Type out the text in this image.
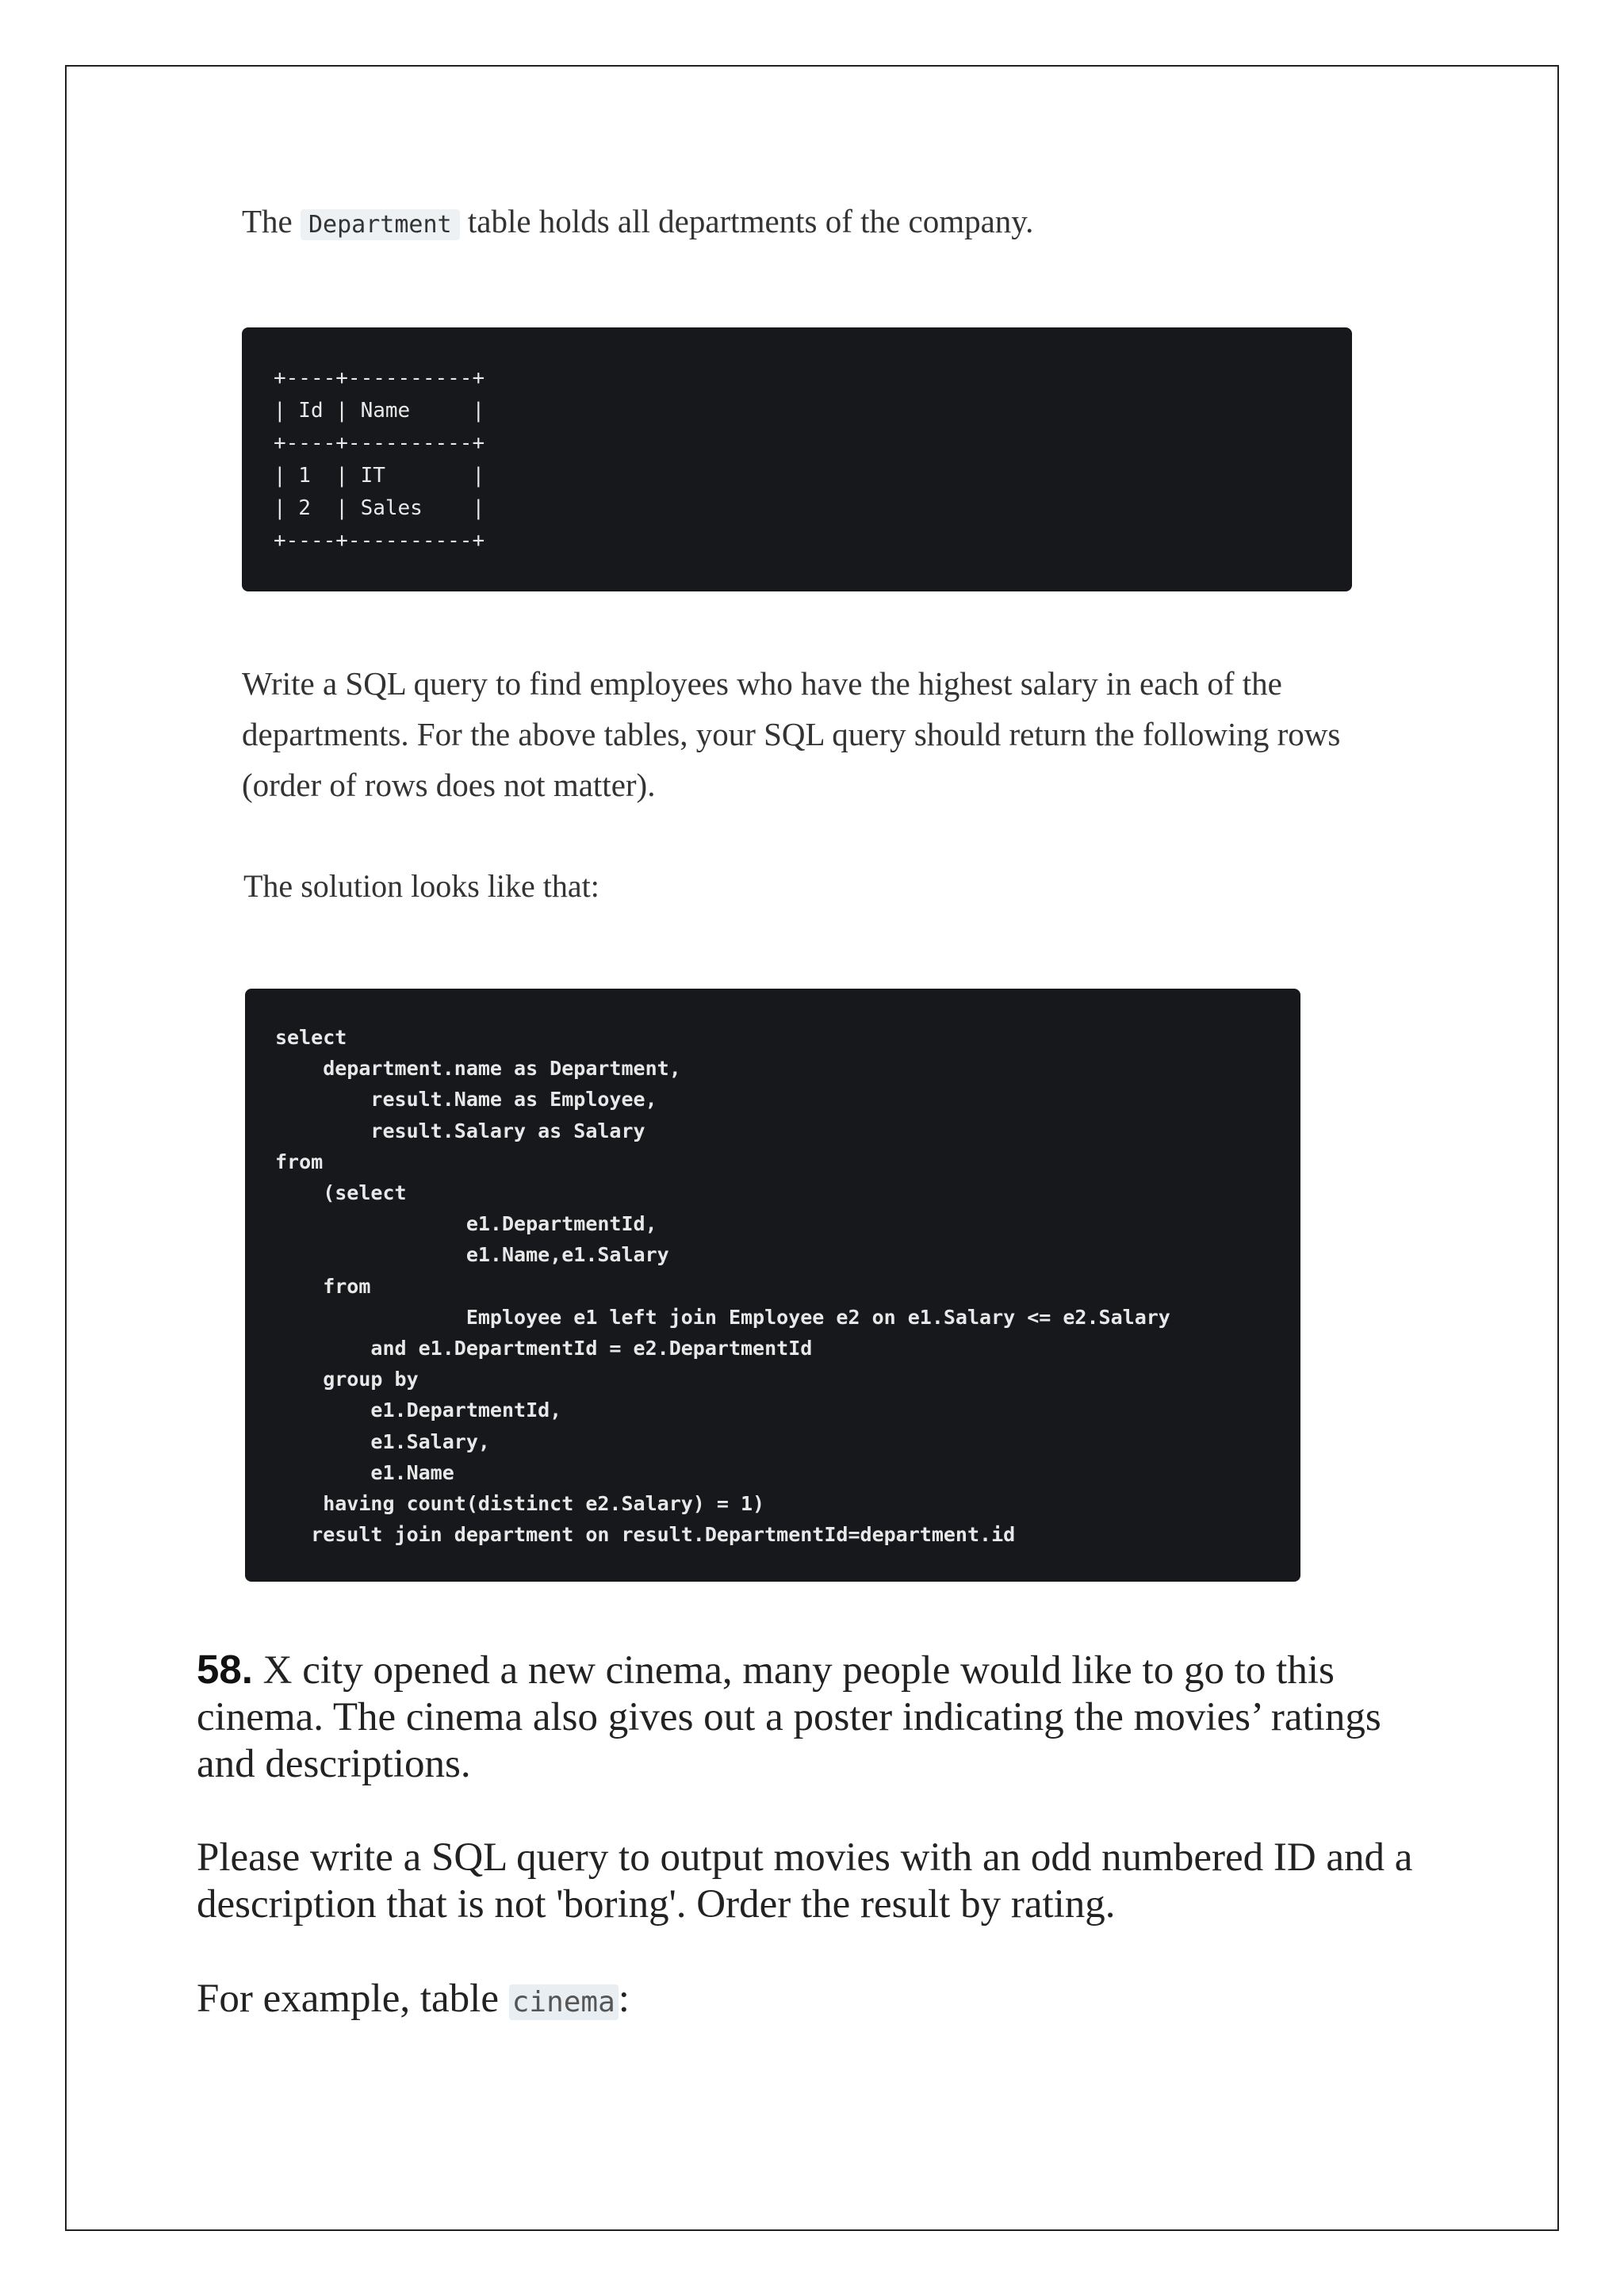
The Department table holds all departments of the company.
+----+----------+
| Id | Name     |
+----+----------+
| 1  | IT       |
| 2  | Sales    |
+----+----------+
Write a SQL query to find employees who have the highest salary in each of the departments. For the above tables, your SQL query should return the following rows (order of rows does not matter).
The solution looks like that:
select
department.name as Department,
result.Name as Employee,
result.Salary as Salary
from
(select
e1.DepartmentId,
e1.Name,e1.Salary
from
Employee e1 left join Employee e2 on e1.Salary <= e2.Salary
and e1.DepartmentId = e2.DepartmentId
group by
e1.DepartmentId,
e1.Salary,
e1.Name
having count(distinct e2.Salary) = 1)
result join department on result.DepartmentId=department.id
58. X city opened a new cinema, many people would like to go to this cinema. The cinema also gives out a poster indicating the movies’ ratings and descriptions.
Please write a SQL query to output movies with an odd numbered ID and a description that is not 'boring'. Order the result by rating.
For example, table cinema:
